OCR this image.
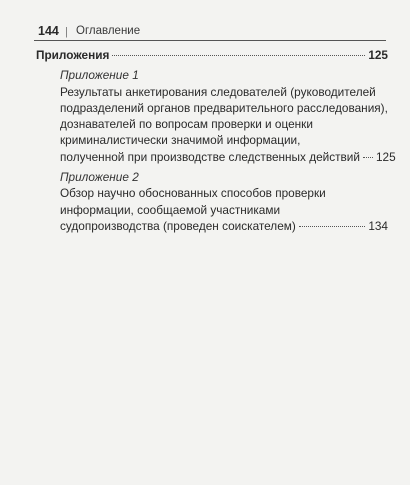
144 | Оглавление
Приложения	125
Приложение 1
Результаты анкетирования следователей (руководителей
подразделений органов предварительного расследования),
дознавателей по вопросам проверки и оценки
криминалистически значимой информации,
полученной при производстве следственных действий 125
Приложение 2
Обзор научно обоснованных способов проверки
информации, сообщаемой участниками
судопроизводства (проведен соискателем)	134
